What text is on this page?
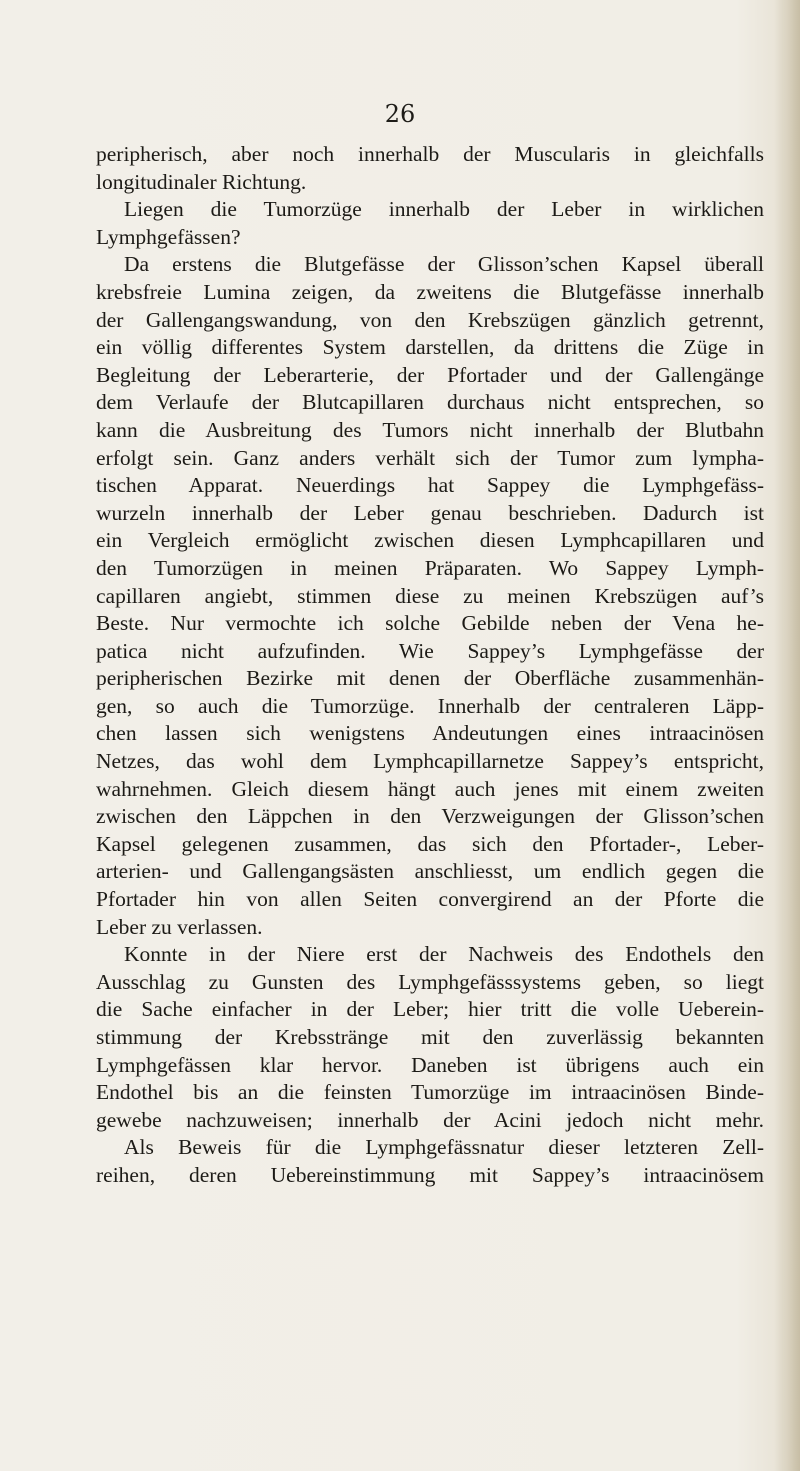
26
peripherisch, aber noch innerhalb der Muscularis in gleichfalls
longitudinaler Richtung.
Liegen die Tumorzüge innerhalb der Leber in wirklichen
Lymphgefässen?
Da erstens die Blutgefässe der Glisson’schen Kapsel überall
krebsfreie Lumina zeigen, da zweitens die Blutgefässe innerhalb
der Gallengangswandung, von den Krebszügen gänzlich getrennt,
ein völlig differentes System darstellen, da drittens die Züge in
Begleitung der Leberarterie, der Pfortader und der Gallengänge
dem Verlaufe der Blutcapillaren durchaus nicht entsprechen, so
kann die Ausbreitung des Tumors nicht innerhalb der Blutbahn
erfolgt sein. Ganz anders verhält sich der Tumor zum lympha-
tischen Apparat. Neuerdings hat Sappey die Lymphgefäss-
wurzeln innerhalb der Leber genau beschrieben. Dadurch ist
ein Vergleich ermöglicht zwischen diesen Lymphcapillaren und
den Tumorzügen in meinen Präparaten. Wo Sappey Lymph-
capillaren angiebt, stimmen diese zu meinen Krebszügen auf’s
Beste. Nur vermochte ich solche Gebilde neben der Vena he-
patica nicht aufzufinden. Wie Sappey’s Lymphgefässe der
peripherischen Bezirke mit denen der Oberfläche zusammenhän-
gen, so auch die Tumorzüge. Innerhalb der centraleren Läpp-
chen lassen sich wenigstens Andeutungen eines intraacinösen
Netzes, das wohl dem Lymphcapillarnetze Sappey’s entspricht,
wahrnehmen. Gleich diesem hängt auch jenes mit einem zweiten
zwischen den Läppchen in den Verzweigungen der Glisson’schen
Kapsel gelegenen zusammen, das sich den Pfortader-, Leber-
arterien- und Gallengangsästen anschliesst, um endlich gegen die
Pfortader hin von allen Seiten convergirend an der Pforte die
Leber zu verlassen.
Konnte in der Niere erst der Nachweis des Endothels den
Ausschlag zu Gunsten des Lymphgefässsystems geben, so liegt
die Sache einfacher in der Leber; hier tritt die volle Ueberein-
stimmung der Krebsstränge mit den zuverlässig bekannten
Lymphgefässen klar hervor. Daneben ist übrigens auch ein
Endothel bis an die feinsten Tumorzüge im intraacinösen Binde-
gewebe nachzuweisen; innerhalb der Acini jedoch nicht mehr.
Als Beweis für die Lymphgefässnatur dieser letzteren Zell-
reihen, deren Uebereinstimmung mit Sappey’s intraacinösem
